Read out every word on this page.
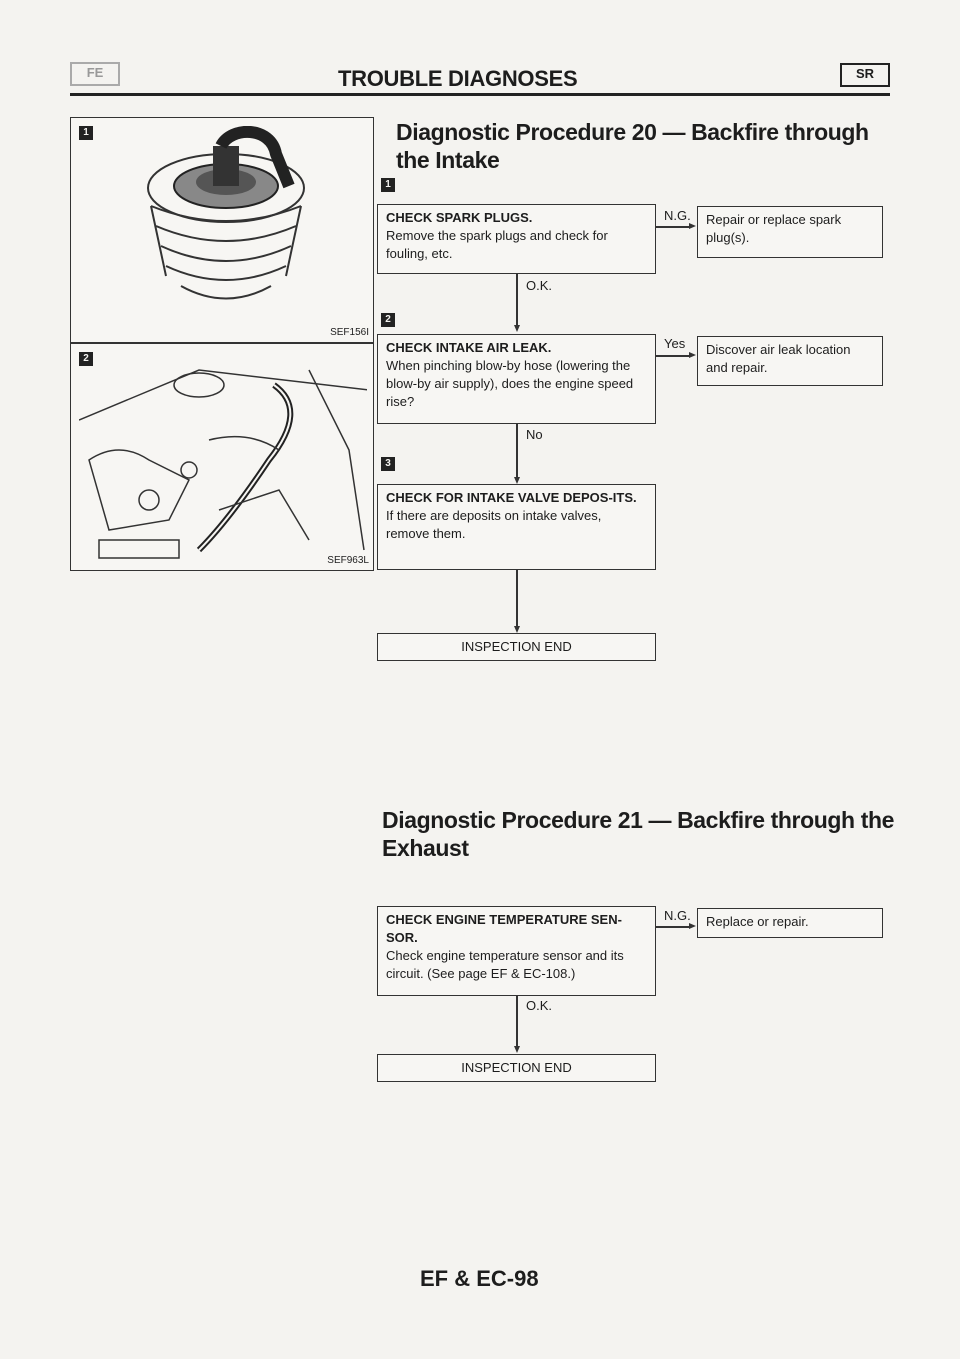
FE	TROUBLE DIAGNOSES	SR
1
SEF156I
2
SEF963L
Diagnostic Procedure 20 — Backfire through the Intake
1
CHECK SPARK PLUGS.
Remove the spark plugs and check for fouling, etc.
N.G.	Repair or replace spark plug(s).
O.K.
2
CHECK INTAKE AIR LEAK.
When pinching blow-by hose (lowering the blow-by air supply), does the engine speed rise?
Yes	Discover air leak location and repair.
No
3
CHECK FOR INTAKE VALVE DEPOS-ITS.
If there are deposits on intake valves, remove them.
INSPECTION END
Diagnostic Procedure 21 — Backfire through the Exhaust
CHECK ENGINE TEMPERATURE SEN-SOR.
Check engine temperature sensor and its circuit. (See page EF & EC-108.)
N.G.	Replace or repair.
O.K.
INSPECTION END
EF & EC-98
